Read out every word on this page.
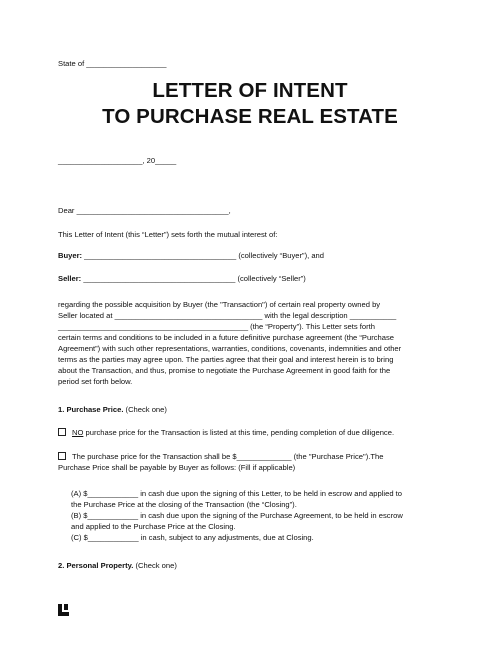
State of ___________________
LETTER OF INTENT
TO PURCHASE REAL ESTATE
____________________, 20_____
Dear ____________________________________,
This Letter of Intent (this “Letter”) sets forth the mutual interest of:
Buyer: ____________________________________ (collectively “Buyer”), and
Seller: ____________________________________ (collectively “Seller”)
regarding the possible acquisition by Buyer (the "Transaction") of certain real property owned by
Seller located at ___________________________________ with the legal description ___________
_____________________________________________ (the “Property”). This Letter sets forth
certain terms and conditions to be included in a future definitive purchase agreement (the “Purchase
Agreement”) with such other representations, warranties, conditions, covenants, indemnities and other
terms as the parties may agree upon. The parties agree that their goal and interest herein is to bring
about the Transaction, and thus, promise to negotiate the Purchase Agreement in good faith for the
period set forth below.
1. Purchase Price. (Check one)
NO purchase price for the Transaction is listed at this time, pending completion of due diligence.
The purchase price for the Transaction shall be $_____________ (the "Purchase Price").The
Purchase Price shall be payable by Buyer as follows: (Fill if applicable)
(A) $____________ in cash due upon the signing of this Letter, to be held in escrow and applied to
the Purchase Price at the closing of the Transaction (the “Closing”).
(B) $____________ in cash due upon the signing of the Purchase Agreement, to be held in escrow
and applied to the Purchase Price at the Closing.
(C) $____________ in cash, subject to any adjustments, due at Closing.
2. Personal Property. (Check one)
